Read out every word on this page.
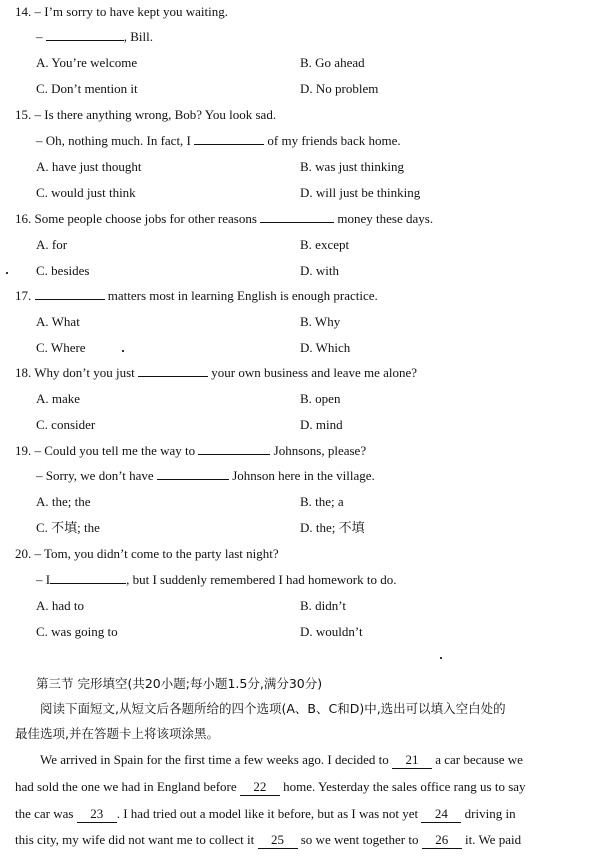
14. – I’m sorry to have kept you waiting.
–	, Bill.
A. You’re welcome	B. Go ahead
C. Don’t mention it	D. No problem
15. – Is there anything wrong, Bob? You look sad.
– Oh, nothing much. In fact, I	of my friends back home.
A. have just thought	B. was just thinking
C. would just think	D. will just be thinking
16. Some people choose jobs for other reasons	money these days.
A. for	B. except
C. besides	D. with
17.	matters most in learning English is enough practice.
A. What	B. Why
C. Where	D. Which
18. Why don’t you just	your own business and leave me alone?
A. make	B. open
C. consider	D. mind
19. – Could you tell me the way to	Johnsons, please?
– Sorry, we don’t have	Johnson here in the village.
A. the; the	B. the; a
C. 不填; the	D. the; 不填
20. – Tom, you didn’t come to the party last night?
– I	, but I suddenly remembered I had homework to do.
A. had to	B. didn’t
C. was going to	D. wouldn’t
第三节 完形填空(共20小题;每小题1.5分,满分30分)
阅读下面短文,从短文后各题所给的四个选项(A、B、C和D)中,选出可以填入空白处的
最佳选项,并在答题卡上将该项涂黑。
We arrived in Spain for the first time a few weeks ago. I decided to 21 a car because we
had sold the one we had in England before 22 home. Yesterday the sales office rang us to say
the car was 23 . I had tried out a model like it before, but as I was not yet 24 driving in
this city, my wife did not want me to collect it 25 so we went together to 26 it. We paid
